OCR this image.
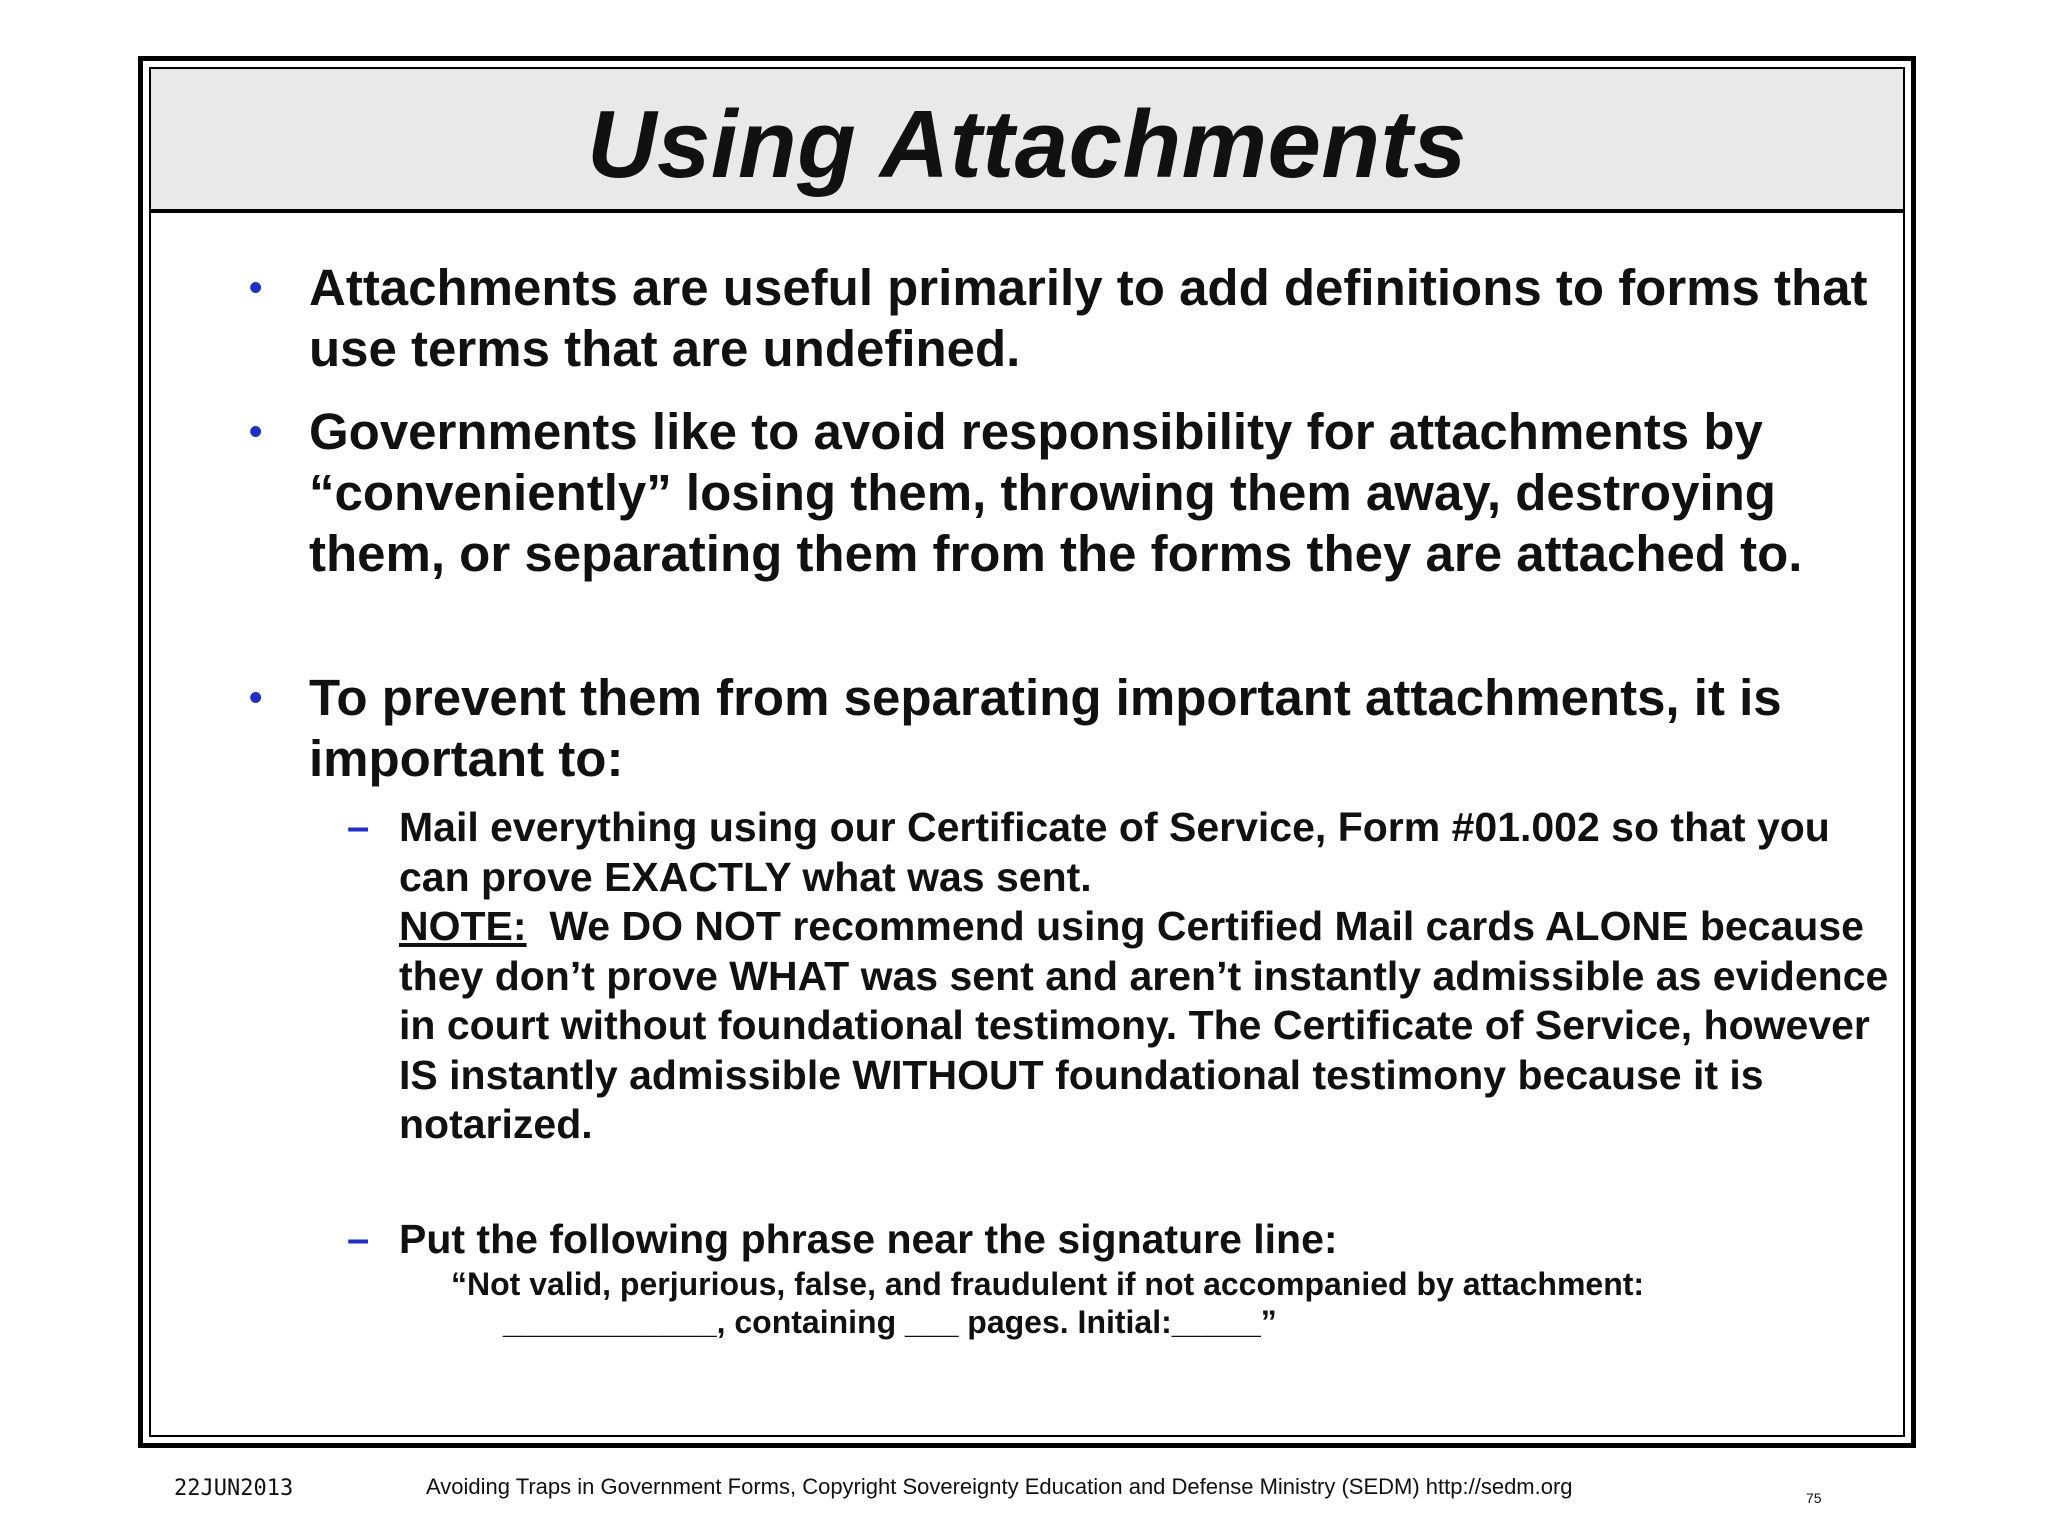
Using Attachments
• Attachments are useful primarily to add definitions to forms that use terms that are undefined.

• Governments like to avoid responsibility for attachments by “conveniently” losing them, throwing them away, destroying them, or separating them from the forms they are attached to.

• To prevent them from separating important attachments, it is important to:

– Mail everything using our Certificate of Service, Form #01.002 so that you can prove EXACTLY what was sent.
NOTE: We DO NOT recommend using Certified Mail cards ALONE because they don’t prove WHAT was sent and aren’t instantly admissible as evidence in court without foundational testimony. The Certificate of Service, however IS instantly admissible WITHOUT foundational testimony because it is notarized.

– Put the following phrase near the signature line:

“Not valid, perjurious, false, and fraudulent if not accompanied by attachment:
____________, containing ___ pages. Initial:_____”

22JUN2013	Avoiding Traps in Government Forms, Copyright Sovereignty Education and Defense Ministry (SEDM) http://sedm.org	75
